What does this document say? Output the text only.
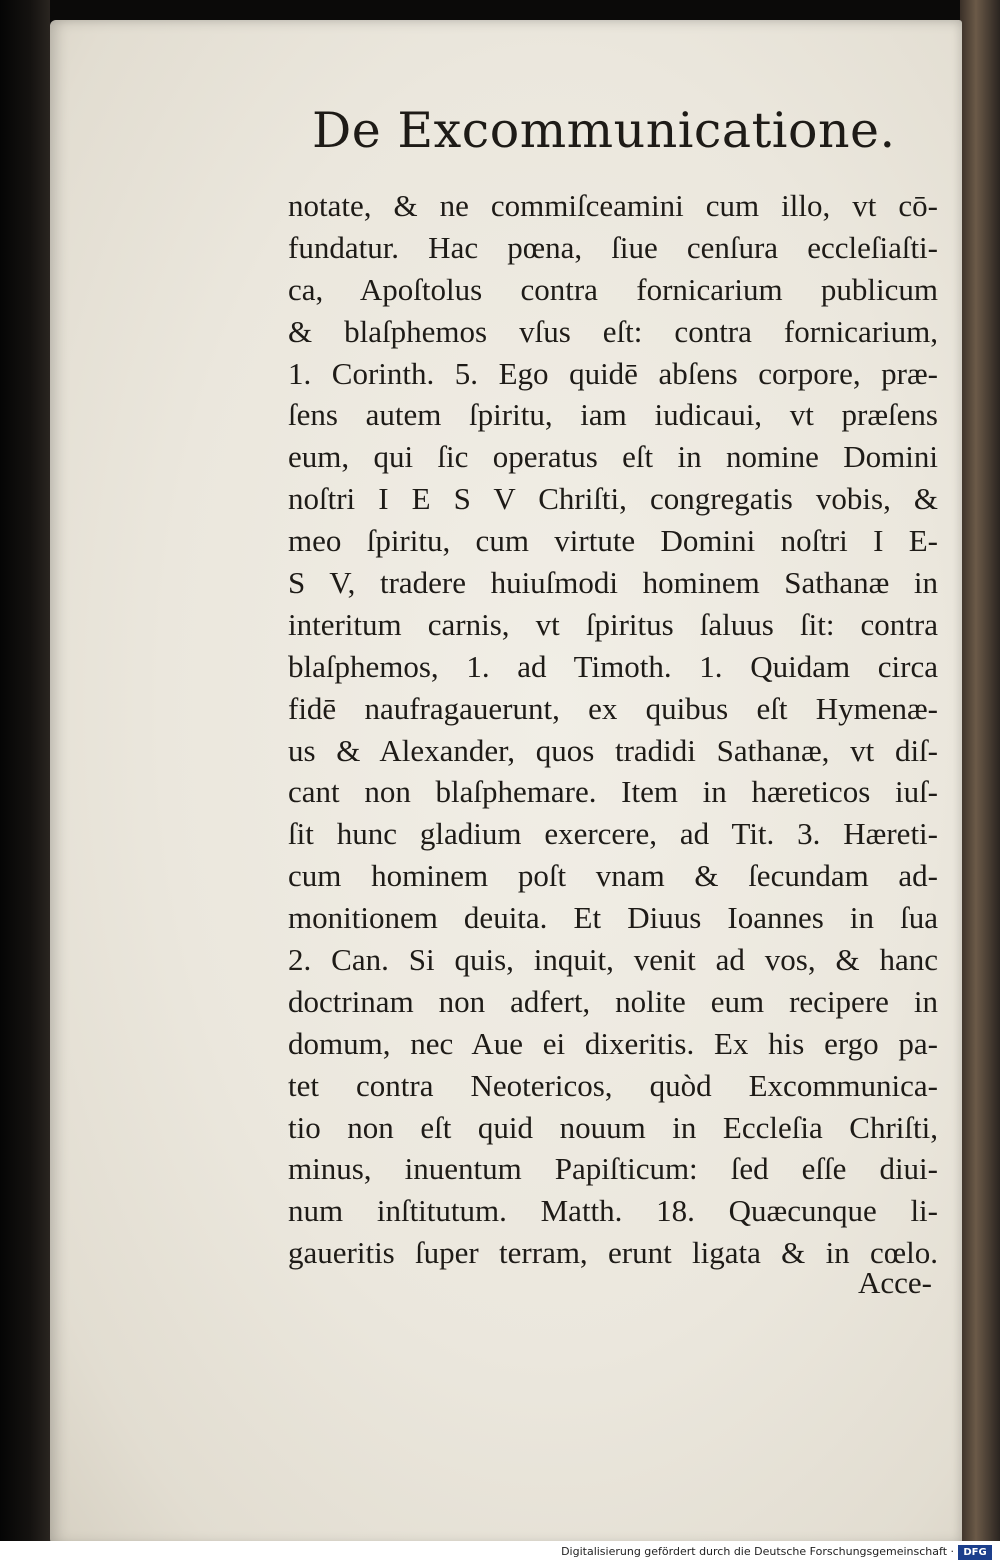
De Excommunicatione.
notate, & ne commiſceamini cum illo, vt cō-
fundatur. Hac pœna, ſiue cenſura eccleſiaſti-
ca, Apoſtolus contra fornicarium publicum
& blaſphemos vſus eſt: contra fornicarium,
1. Corinth. 5. Ego quidē abſens corpore, præ-
ſens autem ſpiritu, iam iudicaui, vt præſens
eum, qui ſic operatus eſt in nomine Domini
noſtri I E S V Chriſti, congregatis vobis, &
meo ſpiritu, cum virtute Domini noſtri I E-
S V, tradere huiuſmodi hominem Sathanæ in
interitum carnis, vt ſpiritus ſaluus ſit: contra
blaſphemos, 1. ad Timoth. 1. Quidam circa
fidē naufragauerunt, ex quibus eſt Hymenæ-
us & Alexander, quos tradidi Sathanæ, vt diſ-
cant non blaſphemare. Item in hæreticos iuſ-
ſit hunc gladium exercere, ad Tit. 3. Hæreti-
cum hominem poſt vnam & ſecundam ad-
monitionem deuita. Et Diuus Ioannes in ſua
2. Can. Si quis, inquit, venit ad vos, & hanc
doctrinam non adfert, nolite eum recipere in
domum, nec Aue ei dixeritis. Ex his ergo pa-
tet contra Neotericos, quòd Excommunica-
tio non eſt quid nouum in Eccleſia Chriſti,
minus, inuentum Papiſticum: ſed eſſe diui-
num inſtitutum. Matth. 18. Quæcunque li-
gaueritis ſuper terram, erunt ligata & in cœlo.
Acce-
Digitalisierung gefördert durch die Deutsche Forschungsgemeinschaft · DFG
